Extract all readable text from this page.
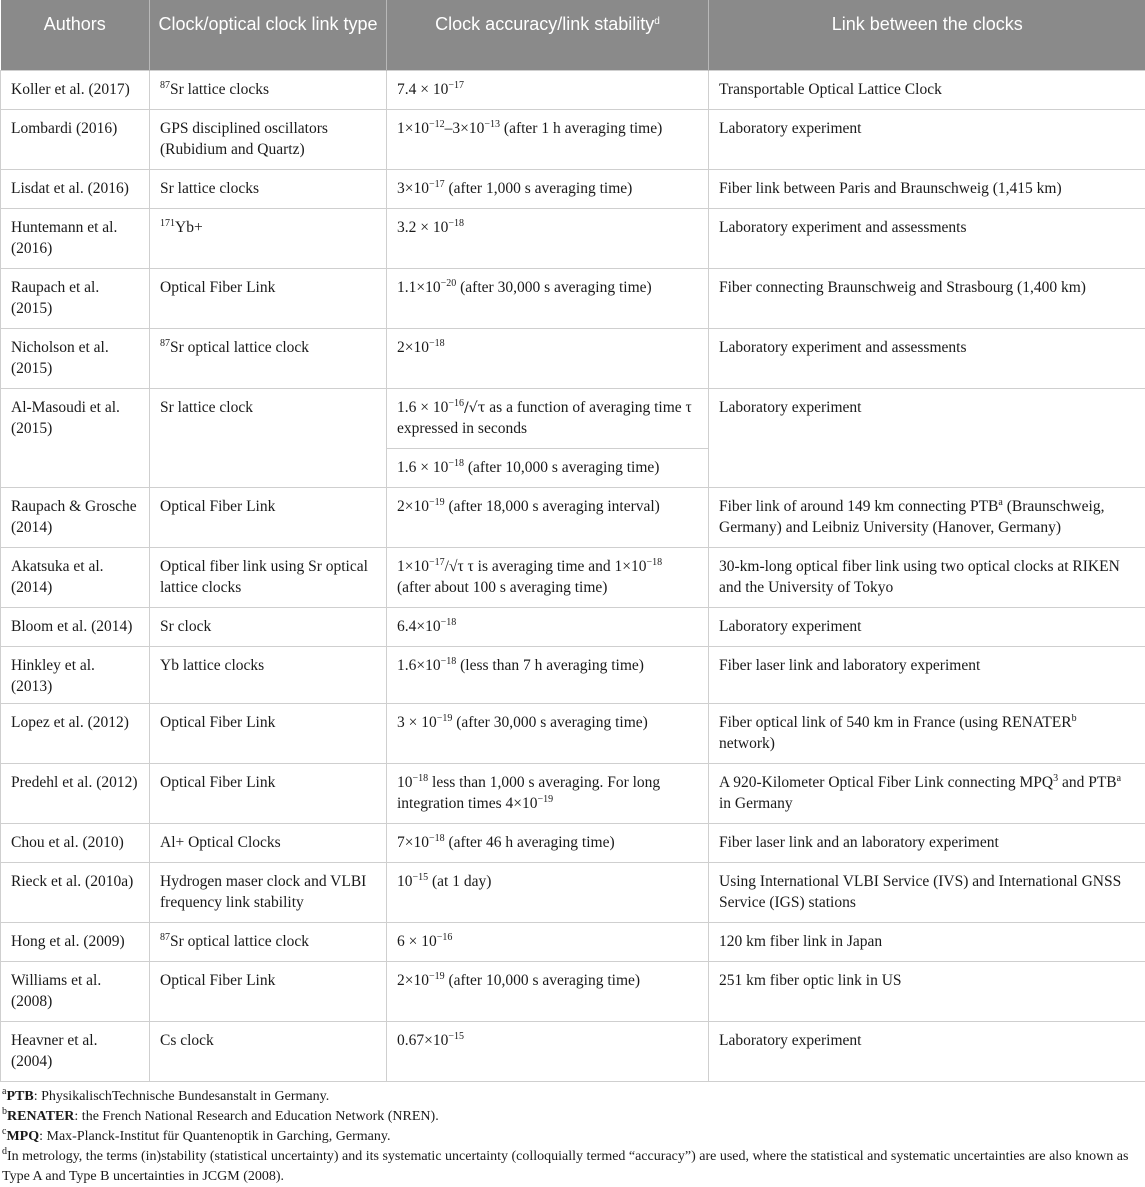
Authors	Clock/optical clock link type	Clock accuracy/link stability$^d$	Link between the clocks
Koller et al. (2017)	$^{87}$Sr lattice clocks	$7.4 \times 10^{-17}$	Transportable Optical Lattice Clock
Lombardi (2016)	GPS disciplined oscillators (Rubidium and Quartz)	$1\times 10^{-12}-3\times 10^{-13}$ (after 1 h averaging time)	Laboratory experiment
Lisdat et al. (2016)	Sr lattice clocks	$3\times 10^{-17}$ (after 1,000 s averaging time)	Fiber link between Paris and Braunschweig (1,415 km)
Huntemann et al. (2016)	$^{171}$Yb+	$3.2 \times 10^{-18}$	Laboratory experiment and assessments
Raupach et al. (2015)	Optical Fiber Link	$1.1\times 10^{-20}$ (after 30,000 s averaging time)	Fiber connecting Braunschweig and Strasbourg (1,400 km)
Nicholson et al. (2015)	$^{87}$Sr optical lattice clock	$2\times 10^{-18}$	Laboratory experiment and assessments
Al-Masoudi et al. (2015)	Sr lattice clock	$1.6 \times 10^{-16}/√\tau$ as a function of averaging time τ expressed in seconds	Laboratory experiment
		$1.6 \times 10^{-18}$ (after 10,000 s averaging time)	
Raupach & Grosche (2014)	Optical Fiber Link	$2\times 10^{-19}$ (after 18,000 s averaging interval)	Fiber link of around 149 km connecting PTB$^a$ (Braunschweig, Germany) and Leibniz University (Hanover, Germany)
Akatsuka et al. (2014)	Optical fiber link using Sr optical lattice clocks	$1\times 10^{-17}/√\tau$ τ is averaging time and $1\times 10^{-18}$ (after about 100 s averaging time)	30-km-long optical fiber link using two optical clocks at RIKEN and the University of Tokyo
Bloom et al. (2014)	Sr clock	$6.4\times 10^{-18}$	Laboratory experiment
Hinkley et al. (2013)	Yb lattice clocks	$1.6\times 10^{-18}$ (less than 7 h averaging time)	Fiber laser link and laboratory experiment
Lopez et al. (2012)	Optical Fiber Link	$3 \times 10^{-19}$ (after 30,000 s averaging time)	Fiber optical link of 540 km in France (using RENATER$^b$ network)
Predehl et al. (2012)	Optical Fiber Link	$10^{-18}$ less than 1,000 s averaging. For long integration times $4\times 10^{-19}$	A 920-Kilometer Optical Fiber Link connecting MPQ$^3$ and PTB$^a$ in Germany
Chou et al. (2010)	Al+ Optical Clocks	$7\times 10^{-18}$ (after 46 h averaging time)	Fiber laser link and an laboratory experiment
Rieck et al. (2010a)	Hydrogen maser clock and VLBI frequency link stability	$10^{-15}$ (at 1 day)	Using International VLBI Service (IVS) and International GNSS Service (IGS) stations
Hong et al. (2009)	$^{87}$Sr optical lattice clock	$6 \times 10^{-16}$	120 km fiber link in Japan
Williams et al. (2008)	Optical Fiber Link	$2\times 10^{-19}$ (after 10,000 s averaging time)	251 km fiber optic link in US
Heavner et al. (2004)	Cs clock	$0.67\times 10^{-15}$	Laboratory experiment

$^a$PTB: PhysikalischTechnische Bundesanstalt in Germany.

$^b$RENATER: the French National Research and Education Network (NREN).

$^c$MPQ: Max-Planck-Institut für Quantenoptik in Garching, Germany.

$^d$In metrology, the terms (in)stability (statistical uncertainty) and its systematic uncertainty (colloquially termed “accuracy”) are used, where the statistical and systematic uncertainties are also known as Type A and Type B uncertainties in JCGM (2008).
